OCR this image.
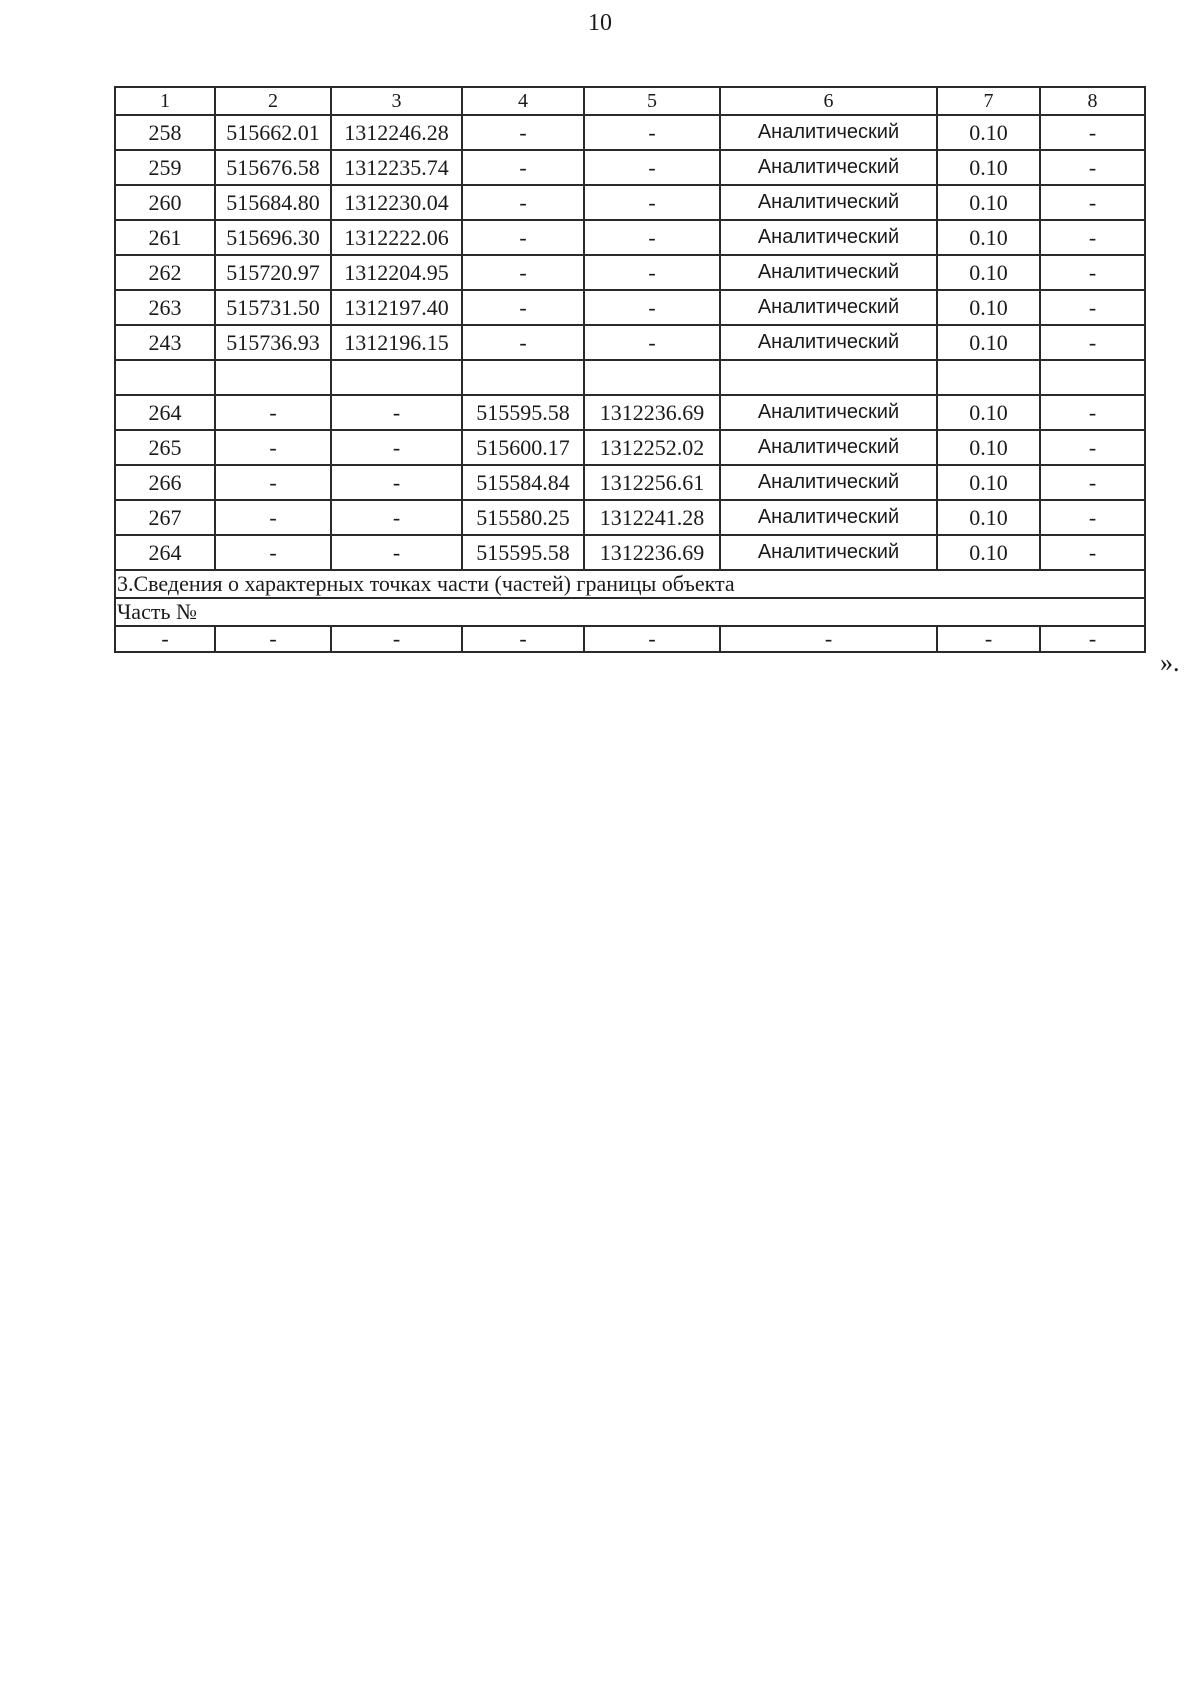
10
1	2	3	4	5	6	7	8
258	515662.01	1312246.28	-	-	Аналитический	0.10	-
259	515676.58	1312235.74	-	-	Аналитический	0.10	-
260	515684.80	1312230.04	-	-	Аналитический	0.10	-
261	515696.30	1312222.06	-	-	Аналитический	0.10	-
262	515720.97	1312204.95	-	-	Аналитический	0.10	-
263	515731.50	1312197.40	-	-	Аналитический	0.10	-
243	515736.93	1312196.15	-	-	Аналитический	0.10	-

264	-	-	515595.58	1312236.69	Аналитический	0.10	-
265	-	-	515600.17	1312252.02	Аналитический	0.10	-
266	-	-	515584.84	1312256.61	Аналитический	0.10	-
267	-	-	515580.25	1312241.28	Аналитический	0.10	-
264	-	-	515595.58	1312236.69	Аналитический	0.10	-
3.Сведения о характерных точках части (частей) границы объекта							
Часть №							
-	-	-	-	-	-	-	-
».
